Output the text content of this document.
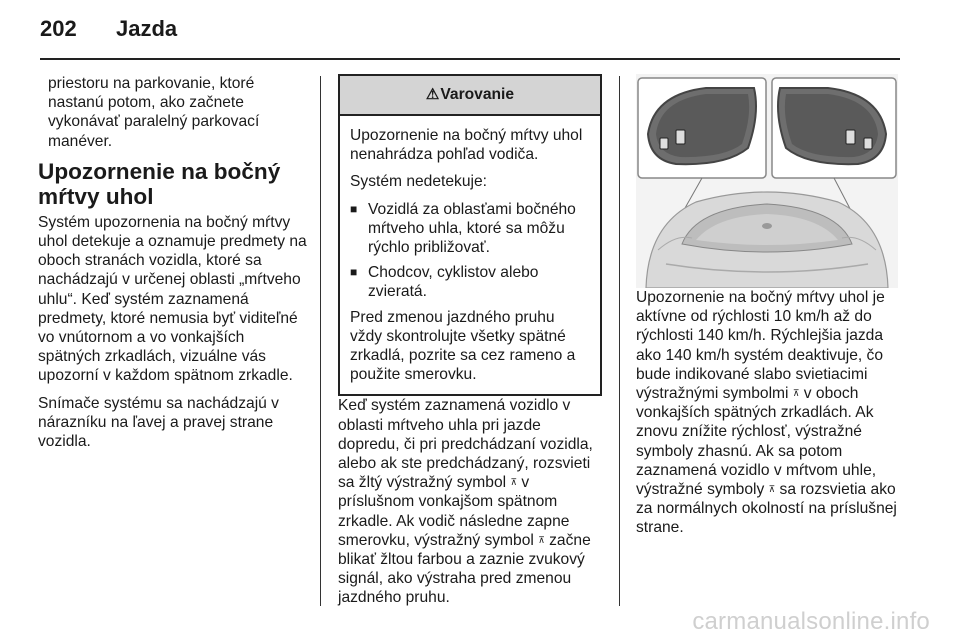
202 Jazda

priestoru na parkovanie, ktoré nastanú potom, ako začnete vykonávať paralelný parkovací manéver.

Upozornenie na bočný mŕtvy uhol

Systém upozornenia na bočný mŕtvy uhol detekuje a oznamuje predmety na oboch stranách vozidla, ktoré sa nachádzajú v určenej oblasti „mŕtveho uhlu“. Keď systém zaznamená predmety, ktoré nemusia byť viditeľné vo vnútornom a vo vonkajších spätných zrkadlách, vizuálne vás upozorní v každom spätnom zrkadle.

Snímače systému sa nachádzajú v nárazníku na ľavej a pravej strane vozidla.

⚠Varovanie

Upozornenie na bočný mŕtvy uhol nenahrádza pohľad vodiča.

Systém nedetekuje:

■ Vozidlá za oblasťami bočného mŕtveho uhla, ktoré sa môžu rýchlo približovať.
■ Chodcov, cyklistov alebo zvieratá.

Pred zmenou jazdného pruhu vždy skontrolujte všetky spätné zrkadlá, pozrite sa cez rameno a použite smerovku.

Keď systém zaznamená vozidlo v oblasti mŕtveho uhla pri jazde dopredu, či pri predchádzaní vozidla, alebo ak ste predchádzaný, rozsvieti sa žltý výstražný symbol ⊼ v príslušnom vonkajšom spätnom zrkadle. Ak vodič následne zapne smerovku, výstražný symbol ⊼ začne blikať žltou farbou a zaznie zvukový signál, ako výstraha pred zmenou jazdného pruhu.

Upozornenie na bočný mŕtvy uhol je aktívne od rýchlosti 10 km/h až do rýchlosti 140 km/h. Rýchlejšia jazda ako 140 km/h systém deaktivuje, čo bude indikované slabo svietiacimi výstražnými symbolmi ⊼ v oboch vonkajších spätných zrkadlách. Ak znovu znížite rýchlosť, výstražné symboly zhasnú. Ak sa potom zaznamená vozidlo v mŕtvom uhle, výstražné symboly ⊼ sa rozsvietia ako za normálnych okolností na príslušnej strane.

carmanualsonline.info
